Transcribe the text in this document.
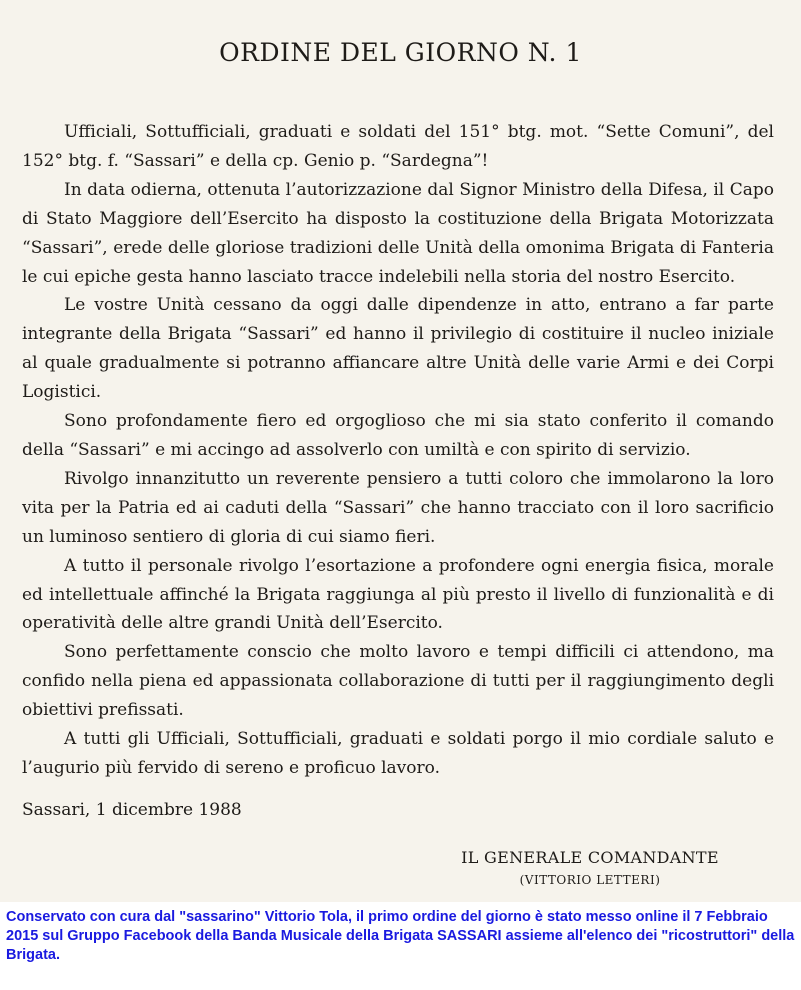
ORDINE DEL GIORNO N. 1

Ufficiali, Sottufficiali, graduati e soldati del 151° btg. mot. “Sette Comuni”, del 152° btg. f. “Sassari” e della cp. Genio p. “Sardegna”!

In data odierna, ottenuta l’autorizzazione dal Signor Ministro della Difesa, il Capo di Stato Maggiore dell’Esercito ha disposto la costituzione della Brigata Motorizzata “Sassari”, erede delle gloriose tradizioni delle Unità della omonima Brigata di Fanteria le cui epiche gesta hanno lasciato tracce indelebili nella storia del nostro Esercito.

Le vostre Unità cessano da oggi dalle dipendenze in atto, entrano a far parte integrante della Brigata “Sassari” ed hanno il privilegio di costituire il nucleo iniziale al quale gradualmente si potranno affiancare altre Unità delle varie Armi e dei Corpi Logistici.

Sono profondamente fiero ed orgoglioso che mi sia stato conferito il comando della “Sassari” e mi accingo ad assolverlo con umiltà e con spirito di servizio.

Rivolgo innanzitutto un reverente pensiero a tutti coloro che immolarono la loro vita per la Patria ed ai caduti della “Sassari” che hanno tracciato con il loro sacrificio un luminoso sentiero di gloria di cui siamo fieri.

A tutto il personale rivolgo l’esortazione a profondere ogni energia fisica, morale ed intellettuale affinché la Brigata raggiunga al più presto il livello di funzionalità e di operatività delle altre grandi Unità dell’Esercito.

Sono perfettamente conscio che molto lavoro e tempi difficili ci attendono, ma confido nella piena ed appassionata collaborazione di tutti per il raggiungimento degli obiettivi prefissati.

A tutti gli Ufficiali, Sottufficiali, graduati e soldati porgo il mio cordiale saluto e l’augurio più fervido di sereno e proficuo lavoro.

Sassari, 1 dicembre 1988
IL GENERALE COMANDANTE
(VITTORIO LETTERI)

Conservato con cura dal "sassarino" Vittorio Tola, il primo ordine del giorno è stato messo online il 7 Febbraio 2015 sul Gruppo Facebook della Banda Musicale della Brigata SASSARI assieme all'elenco dei "ricostruttori" della Brigata.
